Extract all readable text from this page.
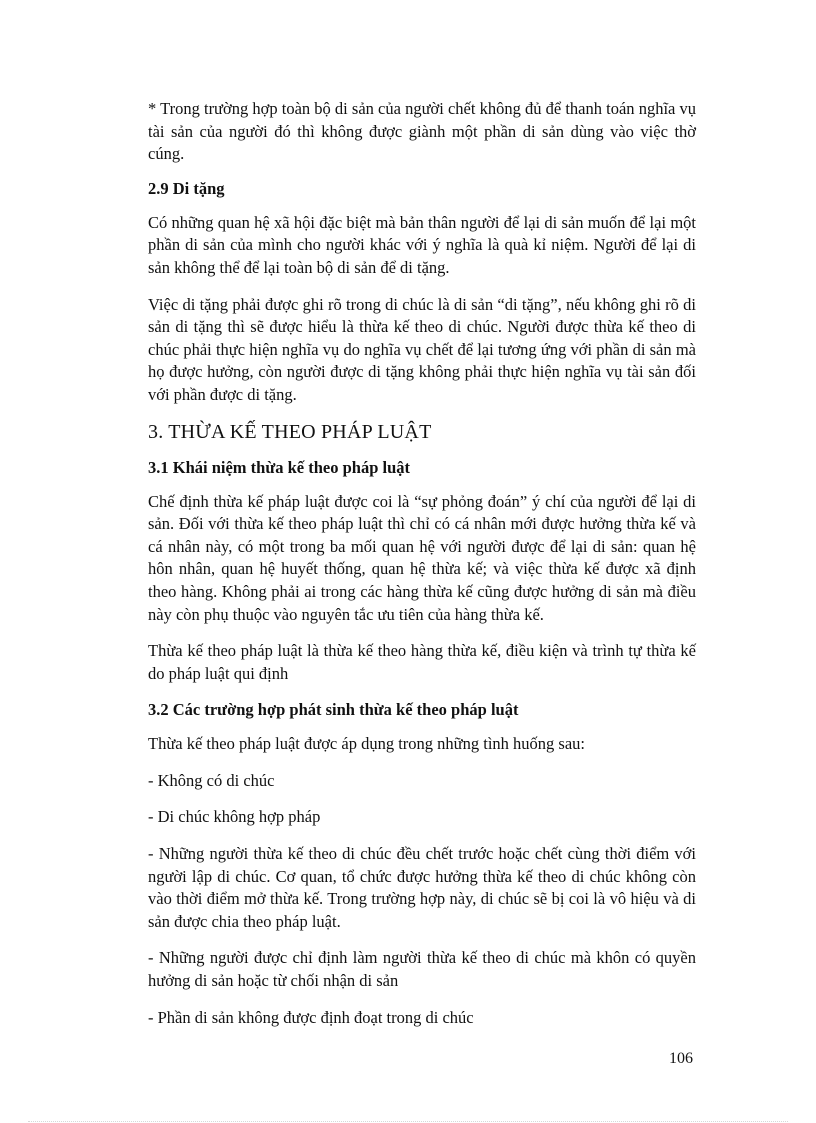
* Trong trường hợp toàn bộ di sản của người chết không đủ để thanh toán nghĩa vụ tài sản của người đó thì không được giành một phần di sản dùng vào việc thờ cúng.

2.9 Di tặng

Có những quan hệ xã hội đặc biệt mà bản thân người để lại di sản muốn để lại một phần di sản của mình cho người khác với ý nghĩa là quà kỉ niệm. Người để lại di sản không thể để lại toàn bộ di sản để di tặng.

Việc di tặng phải được ghi rõ trong di chúc là di sản “di tặng”, nếu không ghi rõ di sản di tặng thì sẽ được hiểu là thừa kế theo di chúc. Người được thừa kế theo di chúc phải thực hiện nghĩa vụ do nghĩa vụ chết để lại tương ứng với phần di sản mà họ được hưởng, còn người được di tặng không phải thực hiện nghĩa vụ tài sản đối với phần được di tặng.

3. THỪA KẾ THEO PHÁP LUẬT
3.1 Khái niệm thừa kế theo pháp luật

Chế định thừa kế pháp luật được coi là “sự phỏng đoán” ý chí của người để lại di sản. Đối với thừa kế theo pháp luật thì chỉ có cá nhân mới được hưởng thừa kế và cá nhân này, có một trong ba mối quan hệ với người được để lại di sản: quan hệ hôn nhân, quan hệ huyết thống, quan hệ thừa kế; và việc thừa kế được xã định theo hàng. Không phải ai trong các hàng thừa kế cũng được hưởng di sản mà điều này còn phụ thuộc vào nguyên tắc ưu tiên của hàng thừa kế.

Thừa kế theo pháp luật là thừa kế theo hàng thừa kế, điều kiện và trình tự thừa kế do pháp luật qui định

3.2 Các trường hợp phát sinh thừa kế theo pháp luật

Thừa kế theo pháp luật được áp dụng trong những tình huống sau:

- Không có di chúc

- Di chúc không hợp pháp

- Những người thừa kế theo di chúc đều chết trước hoặc chết cùng thời điểm với người lập di chúc. Cơ quan, tổ chức được hưởng thừa kế theo di chúc không còn vào thời điểm mở thừa kế. Trong trường hợp này, di chúc sẽ bị coi là vô hiệu và di sản được chia theo pháp luật.

- Những người được chỉ định làm người thừa kế theo di chúc mà khôn có quyền hưởng di sản hoặc từ chối nhận di sản

- Phần di sản không được định đoạt trong di chúc

106
